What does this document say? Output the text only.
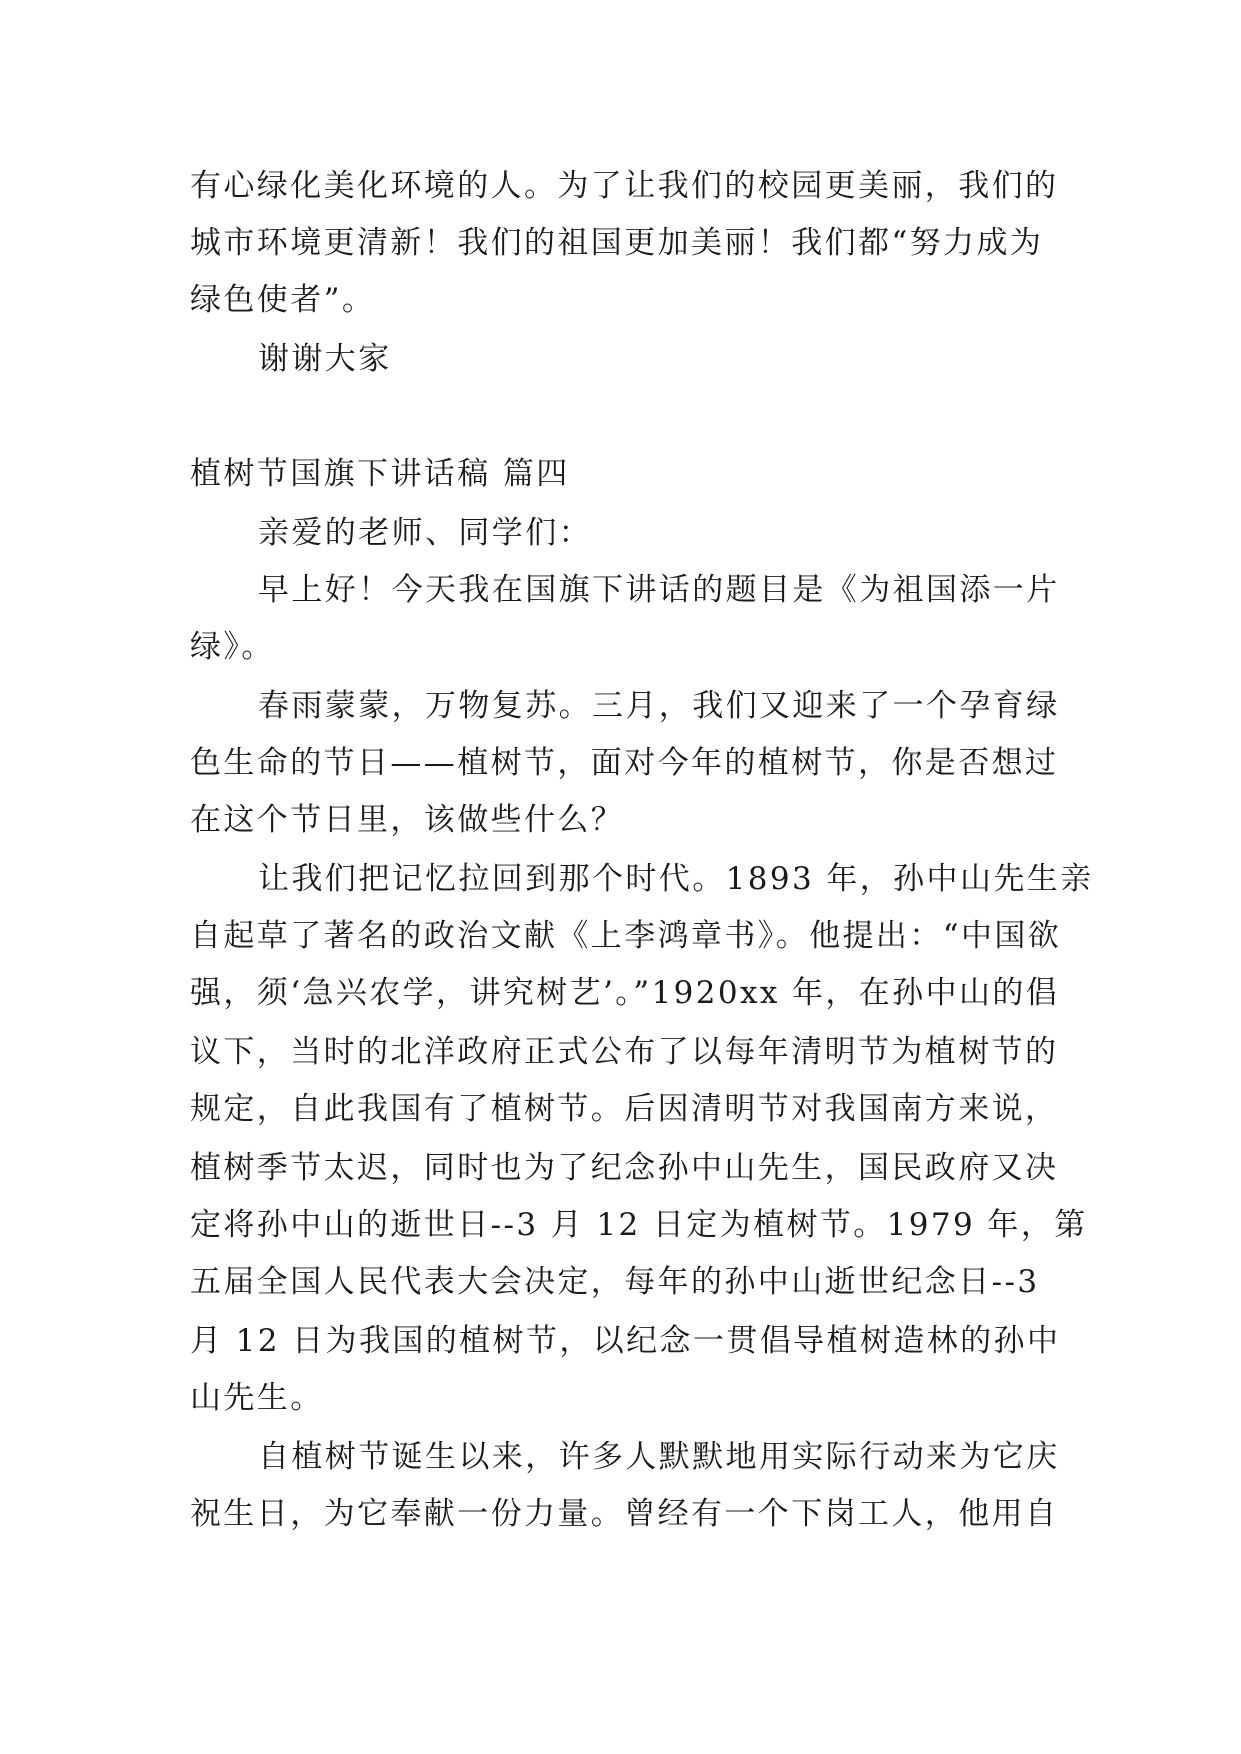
有心绿化美化环境的人。为了让我们的校园更美丽，我们的
城市环境更清新！我们的祖国更加美丽！我们都“努力成为
绿色使者”。
谢谢大家
植树节国旗下讲话稿 篇四
亲爱的老师、同学们：
早上好！今天我在国旗下讲话的题目是《为祖国添一片
绿》。
春雨蒙蒙，万物复苏。三月，我们又迎来了一个孕育绿
色生命的节日——植树节，面对今年的植树节，你是否想过
在这个节日里，该做些什么？
让我们把记忆拉回到那个时代。1893 年，孙中山先生亲
自起草了著名的政治文献《上李鸿章书》。他提出：“中国欲
强，须‘急兴农学，讲究树艺’。”1920xx 年，在孙中山的倡
议下，当时的北洋政府正式公布了以每年清明节为植树节的
规定，自此我国有了植树节。后因清明节对我国南方来说，
植树季节太迟，同时也为了纪念孙中山先生，国民政府又决
定将孙中山的逝世日--3 月 12 日定为植树节。1979 年，第
五届全国人民代表大会决定，每年的孙中山逝世纪念日--3
月 12 日为我国的植树节，以纪念一贯倡导植树造林的孙中
山先生。
自植树节诞生以来，许多人默默地用实际行动来为它庆
祝生日，为它奉献一份力量。曾经有一个下岗工人，他用自
